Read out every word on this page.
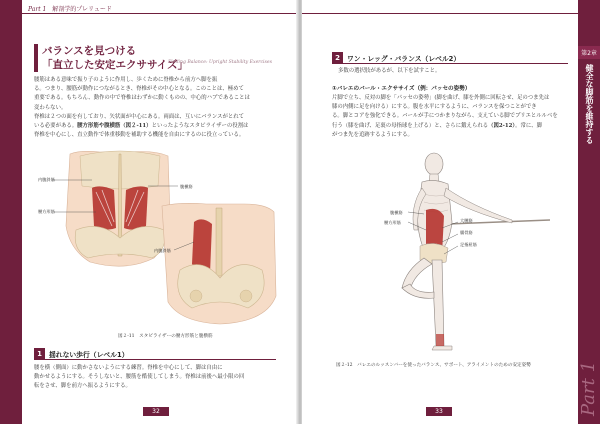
Part 1 解剖学的プレリュード
バランスを見つける
「直立した安定エクササイズ」
Finding Balance: Upright Stability Exercises
腰筋はある意味で振り子のように作用し、歩くために脊椎から前方へ脚を振
る。つまり、腰筋が動作につながるとき、脊椎がその中心となる。このことは、極めて
重要である。もちろん、動作の中で脊椎はわずかに動くものの、中心的ハブであることは
変わらない。
脊椎は２つの面を有しており、矢状面が中心にある。両面は、互いにバランスがとれて
いる必要がある。腰方形筋や腹横筋（図２-11）といったようなスタビライザーの役割は
脊椎を中心にし、直立動作で体重移動を補助する機能を自由にするのに役立っている。
内腹斜筋
腹横筋
腰方形筋
内腹斜筋
図２-11　スタビライザーの腰方形筋と腹横筋
1	揺れない歩行（レベル1）
腰を横（側面）に動かさないようにする練習。脊椎を中心にして、脚は自由に
動かせるようにする。そうしないと、腰筋を酷使してしまう。脊椎は前後へ最小限の回
転をさせ、脚を前方へ振るようにする。
32
第2章
健全な脚筋を維持する
Part 1
2	ワン・レッグ・バランス（レベル2）
多数の選択肢があるが、以下を試すこと。
①バレエのバール・エクササイズ（例：パッセの姿勢）
片脚で立ち、反対の脚を「パッセの姿勢」(脚を曲げ、膝を外側に回転させ、足のつま先は
膝の内側に足を向ける）にする。腹を水平にするように、バランスを保つことができ
る。脚とコアを強化できる。バールが手につかまりながら、支えている脚でプリエとルルベを
行う（膝を曲げ、足裏の母指球を上げる）と、さらに鍛えられる（図2-12）。常に、脚
がつま先を追跡するようにする。
腹横筋
腰方形筋	大腰筋
腸骨筋
足指屈筋
図２-12　バレエのルッスンバーを使ったバランス、サポート、アライメントのための安定姿勢
33
